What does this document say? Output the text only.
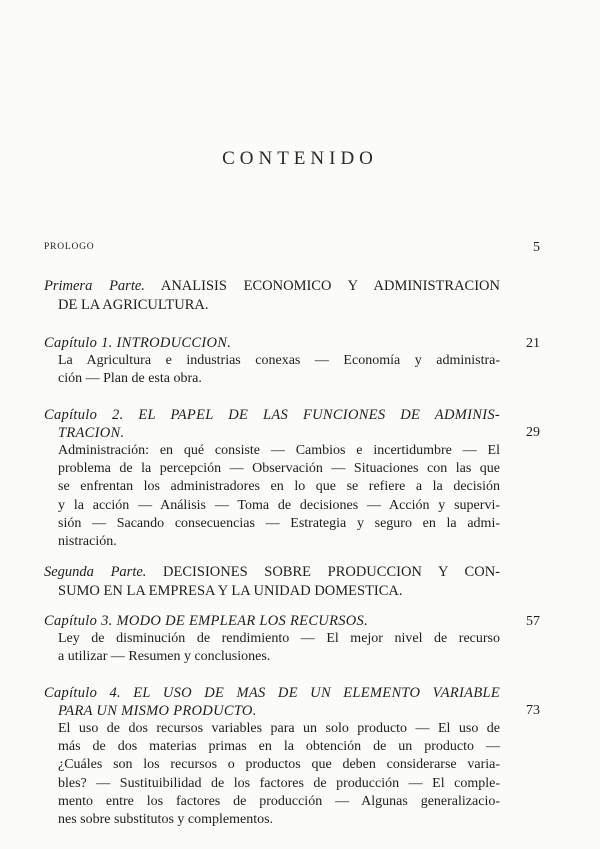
CONTENIDO
PROLOGO	5
Primera Parte. ANALISIS ECONOMICO Y ADMINISTRACION
DE LA AGRICULTURA.
Capítulo 1. INTRODUCCION.	21
La Agricultura e industrias conexas — Economía y administra-
ción — Plan de esta obra.
Capítulo 2. EL PAPEL DE LAS FUNCIONES DE ADMINIS-
TRACION.	29
Administración: en qué consiste — Cambios e incertidumbre — El
problema de la percepción — Observación — Situaciones con las que
se enfrentan los administradores en lo que se refiere a la decisión
y la acción — Análisis — Toma de decisiones — Acción y supervi-
sión — Sacando consecuencias — Estrategia y seguro en la admi-
nistración.
Segunda Parte. DECISIONES SOBRE PRODUCCION Y CON-
SUMO EN LA EMPRESA Y LA UNIDAD DOMESTICA.
Capítulo 3. MODO DE EMPLEAR LOS RECURSOS.	57
Ley de disminución de rendimiento — El mejor nivel de recurso
a utilizar — Resumen y conclusiones.
Capítulo 4. EL USO DE MAS DE UN ELEMENTO VARIABLE
PARA UN MISMO PRODUCTO.	73
El uso de dos recursos variables para un solo producto — El uso de
más de dos materias primas en la obtención de un producto —
¿Cuáles son los recursos o productos que deben considerarse varia-
bles? — Sustituibilidad de los factores de producción — El comple-
mento entre los factores de producción — Algunas generalizacio-
nes sobre substitutos y complementos.
